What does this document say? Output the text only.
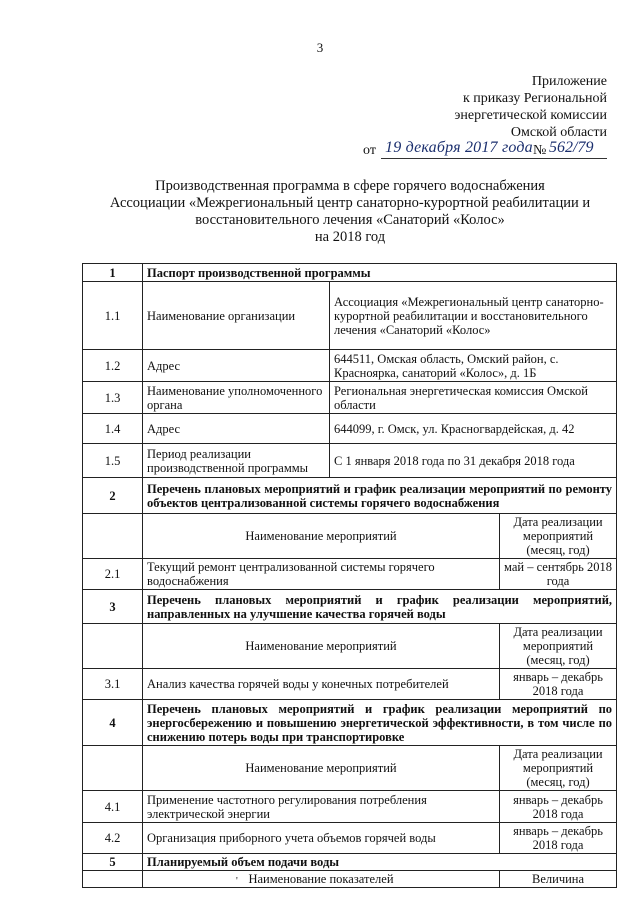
3
Приложение
к приказу Региональной
энергетической комиссии
Омской области
от 19 декабря 2017 года № 562/79
Производственная программа в сфере горячего водоснабжения
Ассоциации «Межрегиональный центр санаторно-курортной реабилитации и
восстановительного лечения «Санаторий «Колос»
на 2018 год
1	Паспорт производственной программы		
1.1	Наименование организации	Ассоциация «Межрегиональный центр санаторно-курортной реабилитации и восстановительного лечения «Санаторий «Колос»	
1.2	Адрес	644511, Омская область, Омский район, с. Красноярка, санаторий «Колос», д. 1Б	
1.3	Наименование уполномоченного органа	Региональная энергетическая комиссия Омской области	
1.4	Адрес	644099, г. Омск, ул. Красногвардейская, д. 42	
1.5	Период реализации производственной программы	С 1 января 2018 года по 31 декабря 2018 года	
2	Перечень плановых мероприятий и график реализации мероприятий по ремонту объектов централизованной системы горячего водоснабжения		
	Наименование мероприятий		Дата реализации мероприятий (месяц, год)
2.1	Текущий ремонт централизованной системы горячего водоснабжения		май – сентябрь 2018 года
3	Перечень плановых мероприятий и график реализации мероприятий, направленных на улучшение качества горячей воды		
	Наименование мероприятий		Дата реализации мероприятий (месяц, год)
3.1	Анализ качества горячей воды у конечных потребителей		январь – декабрь 2018 года
4	Перечень плановых мероприятий и график реализации мероприятий по энергосбережению и повышению энергетической эффективности, в том числе по снижению потерь воды при транспортировке		
	Наименование мероприятий		Дата реализации мероприятий (месяц, год)
4.1	Применение частотного регулирования потребления электрической энергии		январь – декабрь 2018 года
4.2	Организация приборного учета объемов горячей воды		январь – декабрь 2018 года
5	Планируемый объем подачи воды		
	Наименование показателей		Величина
'
